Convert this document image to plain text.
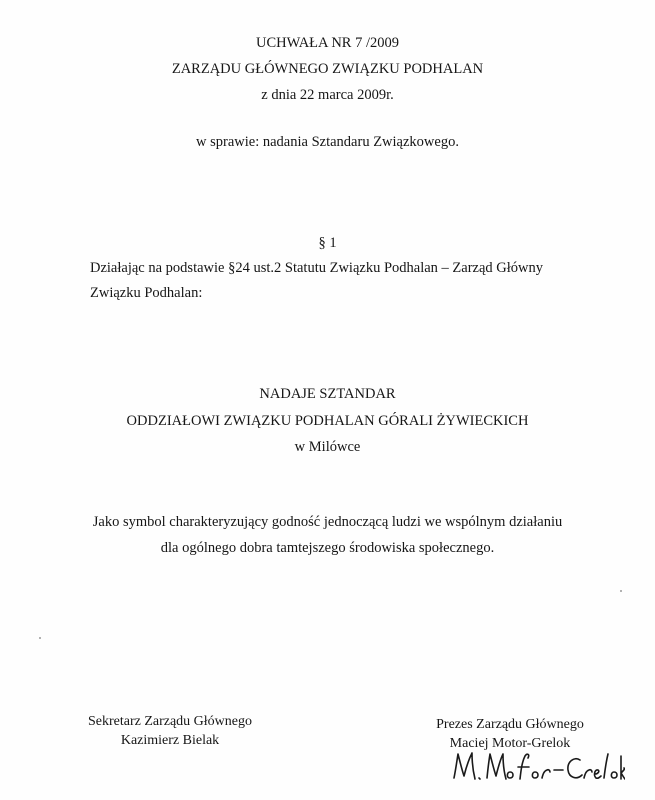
UCHWAŁA NR 7 /2009
ZARZĄDU GŁÓWNEGO ZWIĄZKU PODHALAN
z dnia 22 marca 2009r.
w sprawie: nadania Sztandaru Związkowego.
§ 1
Działając na podstawie §24 ust.2 Statutu Związku Podhalan – Zarząd Główny
Związku Podhalan:
NADAJE SZTANDAR
ODDZIAŁOWI ZWIĄZKU PODHALAN GÓRALI ŻYWIECKICH
w Milówce
Jako symbol charakteryzujący godność jednoczącą ludzi we wspólnym działaniu
dla ogólnego dobra tamtejszego środowiska społecznego.
Sekretarz Zarządu Głównego
Kazimierz Bielak
Prezes Zarządu Głównego
Maciej Motor-Grelok
